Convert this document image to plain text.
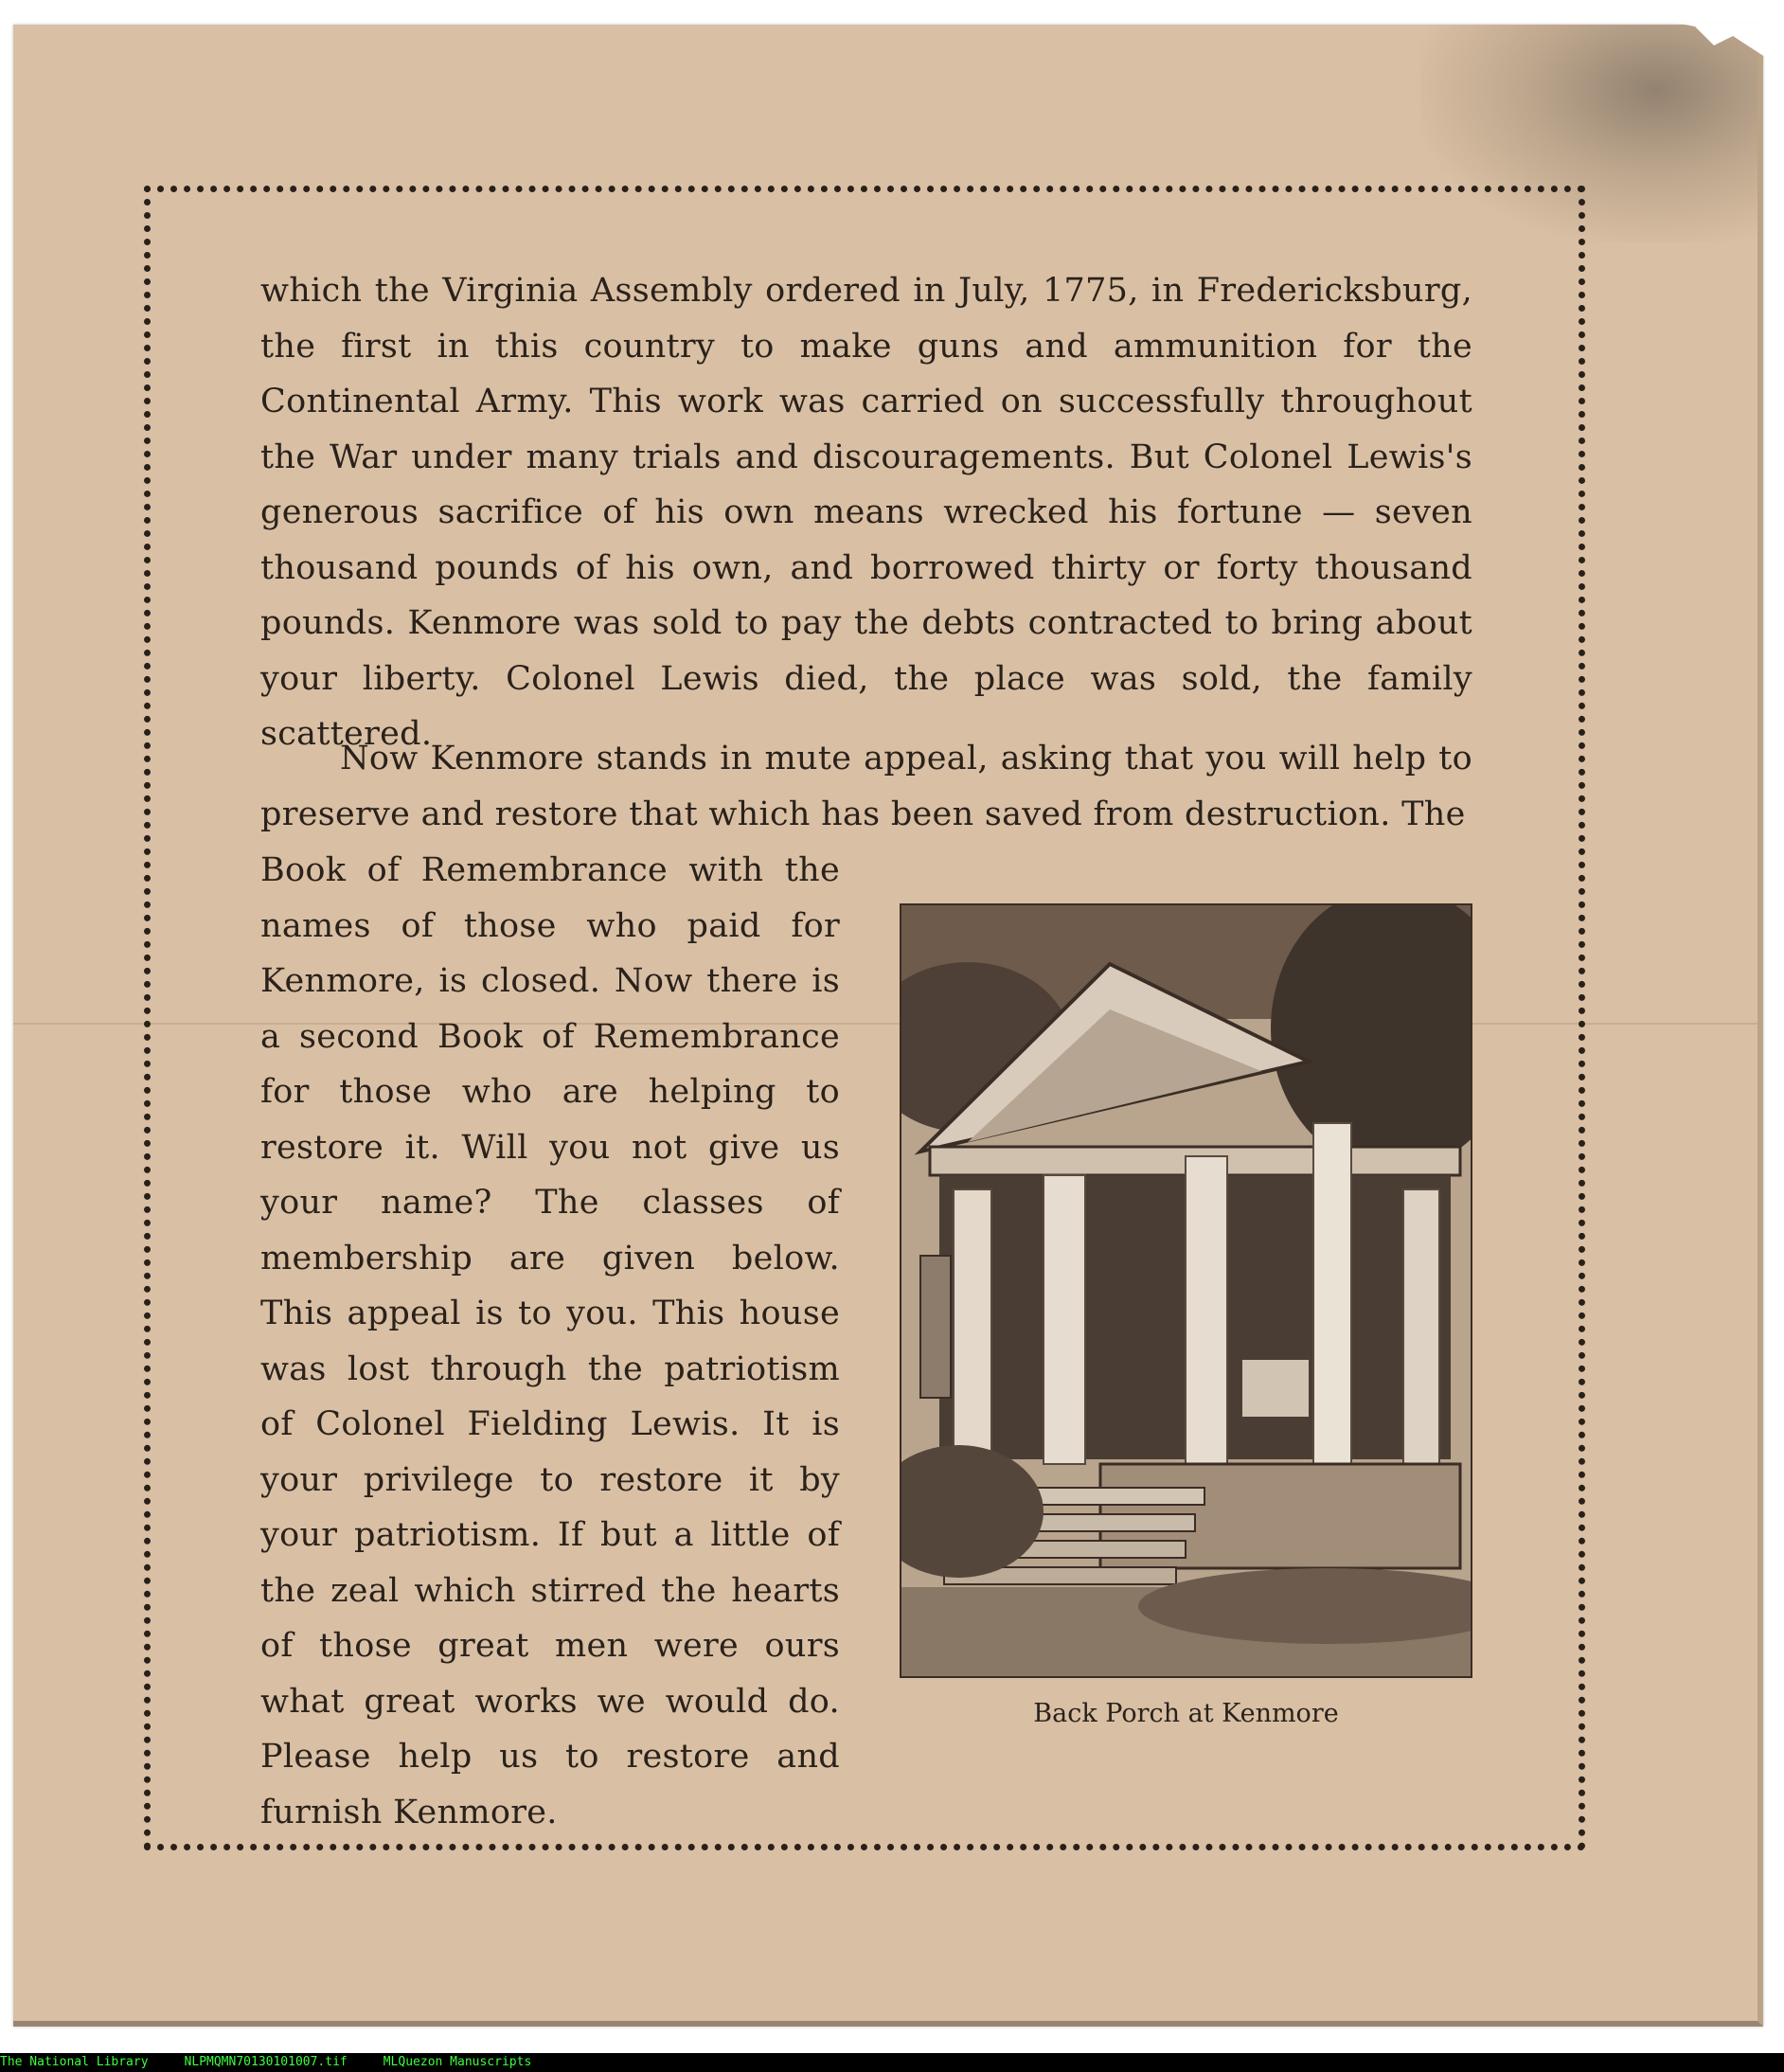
which the Virginia Assembly ordered in July, 1775, in Fredericksburg, the first in this country to make guns and ammunition for the Continental Army. This work was carried on successfully throughout the War under many trials and discouragements. But Colonel Lewis's generous sacrifice of his own means wrecked his fortune — seven thousand pounds of his own, and borrowed thirty or forty thousand pounds. Kenmore was sold to pay the debts contracted to bring about your liberty. Colonel Lewis died, the place was sold, the family scattered.
Now Kenmore stands in mute appeal, asking that you will help to preserve and restore that which has been saved from destruction. The
Book of Remembrance with the names of those who paid for Kenmore, is closed. Now there is a second Book of Remembrance for those who are helping to restore it. Will you not give us your name? The classes of membership are given below. This appeal is to you. This house was lost through the patriotism of Colonel Fielding Lewis. It is your privilege to restore it by your patriotism. If but a little of the zeal which stirred the hearts of those great men were ours what great works we would do. Please help us to restore and furnish Kenmore.
Back Porch at Kenmore
The National Library	NLPMQMN70130101007.tif	MLQuezon Manuscripts
